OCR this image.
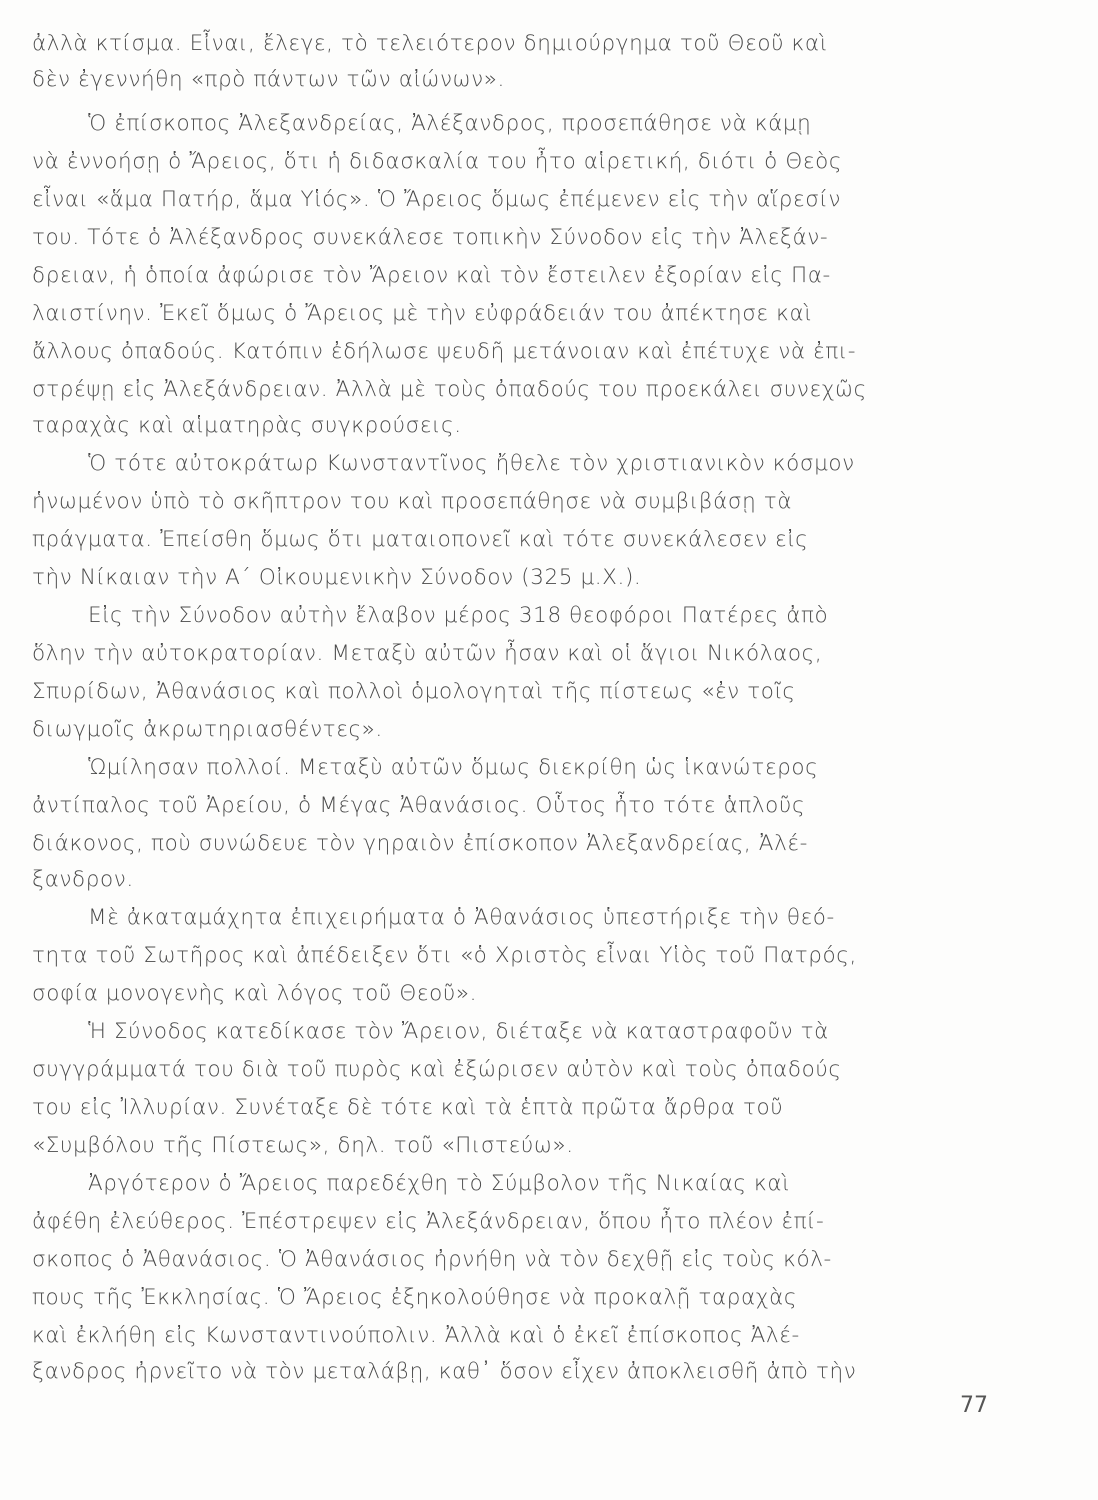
ἀλλὰ κτίσμα. Εἶναι, ἔλεγε, τὸ τελειότερον δημιούργημα τοῦ Θεοῦ καὶ
δὲν ἐγεννήθη «πρὸ πάντων τῶν αἰώνων».
Ὁ ἐπίσκοπος Ἀλεξανδρείας, Ἀλέξανδρος, προσεπάθησε νὰ κάμῃ
νὰ ἐννοήσῃ ὁ Ἄρειος, ὅτι ἡ διδασκαλία του ἦτο αἱρετική, διότι ὁ Θεὸς
εἶναι «ἅμα Πατήρ, ἅμα Υἱός». Ὁ Ἄρειος ὅμως ἐπέμενεν εἰς τὴν αἵρεσίν
του. Τότε ὁ Ἀλέξανδρος συνεκάλεσε τοπικὴν Σύνοδον εἰς τὴν Ἀλεξάν-
δρειαν, ἡ ὁποία ἀφώρισε τὸν Ἄρειον καὶ τὸν ἔστειλεν ἐξορίαν εἰς Πα-
λαιστίνην. Ἐκεῖ ὅμως ὁ Ἄρειος μὲ τὴν εὐφράδειάν του ἀπέκτησε καὶ
ἄλλους ὀπαδούς. Κατόπιν ἐδήλωσε ψευδῆ μετάνοιαν καὶ ἐπέτυχε νὰ ἐπι-
στρέψῃ εἰς Ἀλεξάνδρειαν. Ἀλλὰ μὲ τοὺς ὀπαδούς του προεκάλει συνεχῶς
ταραχὰς καὶ αἱματηρὰς συγκρούσεις.
Ὁ τότε αὐτοκράτωρ Κωνσταντῖνος ἤθελε τὸν χριστιανικὸν κόσμον
ἡνωμένον ὑπὸ τὸ σκῆπτρον του καὶ προσεπάθησε νὰ συμβιβάσῃ τὰ
πράγματα. Ἐπείσθη ὅμως ὅτι ματαιοπονεῖ καὶ τότε συνεκάλεσεν εἰς
τὴν Νίκαιαν τὴν Α΄ Οἰκουμενικὴν Σύνοδον (325 μ.Χ.).
Εἰς τὴν Σύνοδον αὐτὴν ἔλαβον μέρος 318 θεοφόροι Πατέρες ἀπὸ
ὅλην τὴν αὐτοκρατορίαν. Μεταξὺ αὐτῶν ἦσαν καὶ οἱ ἅγιοι Νικόλαος,
Σπυρίδων, Ἀθανάσιος καὶ πολλοὶ ὁμολογηταὶ τῆς πίστεως «ἐν τοῖς
διωγμοῖς ἀκρωτηριασθέντες».
Ὡμίλησαν πολλοί. Μεταξὺ αὐτῶν ὅμως διεκρίθη ὡς ἱκανώτερος
ἀντίπαλος τοῦ Ἀρείου, ὁ Μέγας Ἀθανάσιος. Οὗτος ἦτο τότε ἁπλοῦς
διάκονος, ποὺ συνώδευε τὸν γηραιὸν ἐπίσκοπον Ἀλεξανδρείας, Ἀλέ-
ξανδρον.
Μὲ ἀκαταμάχητα ἐπιχειρήματα ὁ Ἀθανάσιος ὑπεστήριξε τὴν θεό-
τητα τοῦ Σωτῆρος καὶ ἀπέδειξεν ὅτι «ὁ Χριστὸς εἶναι Υἱὸς τοῦ Πατρός,
σοφία μονογενὴς καὶ λόγος τοῦ Θεοῦ».
Ἡ Σύνοδος κατεδίκασε τὸν Ἄρειον, διέταξε νὰ καταστραφοῦν τὰ
συγγράμματά του διὰ τοῦ πυρὸς καὶ ἐξώρισεν αὐτὸν καὶ τοὺς ὀπαδούς
του εἰς Ἰλλυρίαν. Συνέταξε δὲ τότε καὶ τὰ ἑπτὰ πρῶτα ἄρθρα τοῦ
«Συμβόλου τῆς Πίστεως», δηλ. τοῦ «Πιστεύω».
Ἀργότερον ὁ Ἄρειος παρεδέχθη τὸ Σύμβολον τῆς Νικαίας καὶ
ἀφέθη ἐλεύθερος. Ἐπέστρεψεν εἰς Ἀλεξάνδρειαν, ὅπου ἦτο πλέον ἐπί-
σκοπος ὁ Ἀθανάσιος. Ὁ Ἀθανάσιος ἠρνήθη νὰ τὸν δεχθῇ εἰς τοὺς κόλ-
πους τῆς Ἐκκλησίας. Ὁ Ἄρειος ἐξηκολούθησε νὰ προκαλῇ ταραχὰς
καὶ ἐκλήθη εἰς Κωνσταντινούπολιν. Ἀλλὰ καὶ ὁ ἐκεῖ ἐπίσκοπος Ἀλέ-
ξανδρος ἠρνεῖτο νὰ τὸν μεταλάβῃ, καθ᾽ ὅσον εἶχεν ἀποκλεισθῆ ἀπὸ τὴν
77
